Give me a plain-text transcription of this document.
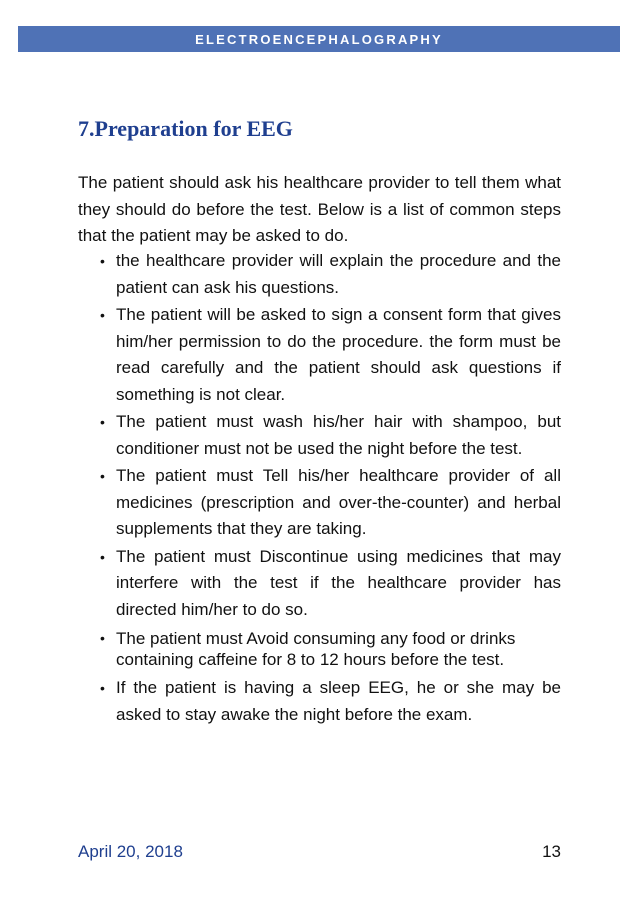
ELECTROENCEPHALOGRAPHY
7.Preparation for EEG

The patient should ask his healthcare provider to tell them what they should do before the test. Below is a list of common steps that the patient may be asked to do.

• the healthcare provider will explain the procedure and the patient can ask his questions.
• The patient will be asked to sign a consent form that gives him/her permission to do the procedure. the form must be read carefully and the patient should ask questions if something is not clear.
• The patient must wash his/her hair with shampoo, but conditioner must not be used the night before the test.
• The patient must Tell his/her healthcare provider of all medicines (prescription and over-the-counter) and herbal supplements that they are taking.
• The patient must Discontinue using medicines that may interfere with the test if the healthcare provider has directed him/her to do so.
• The patient must Avoid consuming any food or drinks containing caffeine for 8 to 12 hours before the test.
• If the patient is having a sleep EEG, he or she may be asked to stay awake the night before the exam.
April 20, 2018	13
